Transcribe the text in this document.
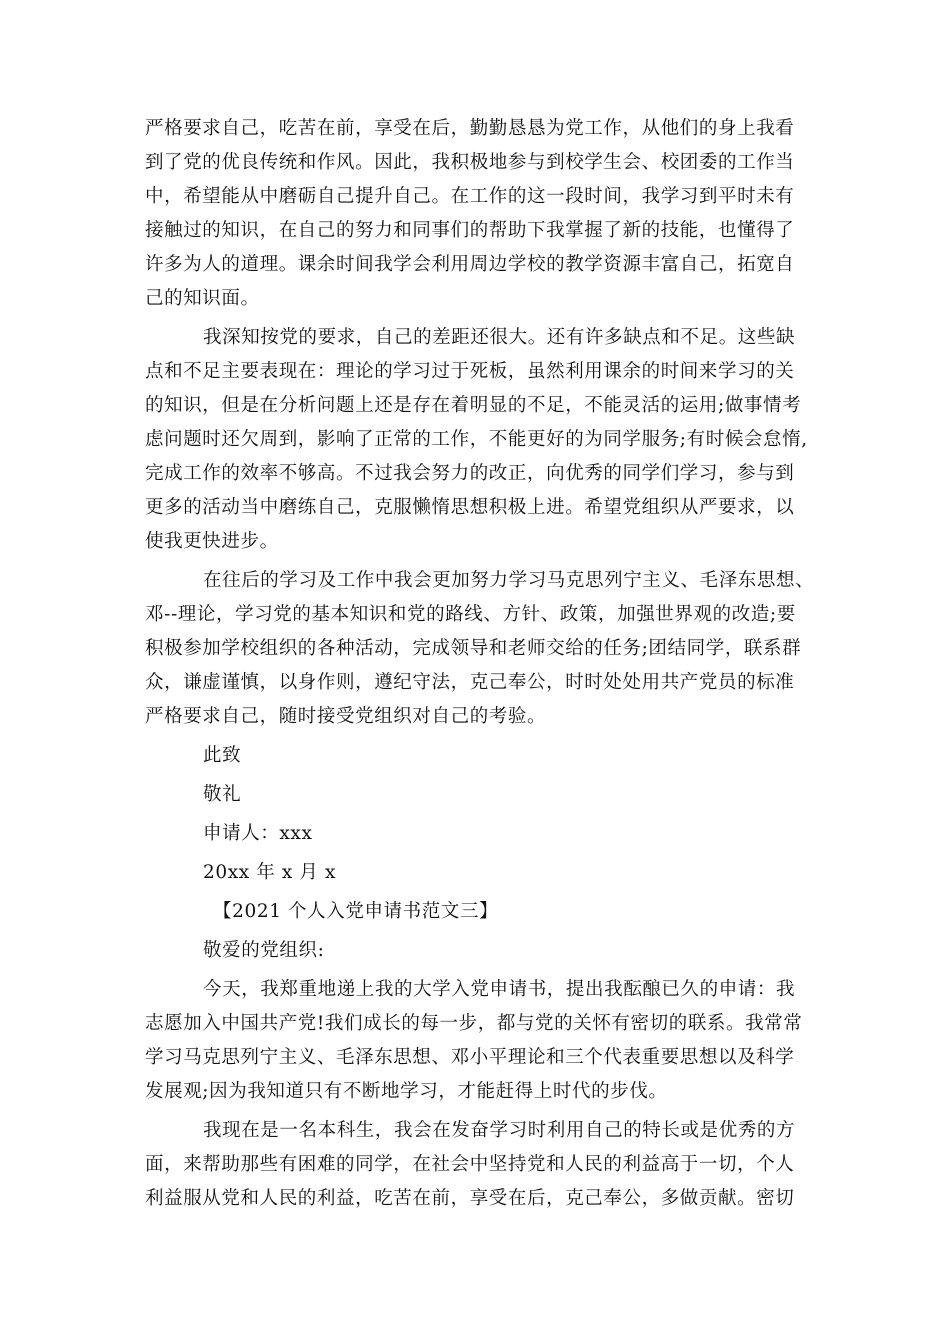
严格要求自己，吃苦在前，享受在后，勤勤恳恳为党工作，从他们的身上我看
到了党的优良传统和作风。因此，我积极地参与到校学生会、校团委的工作当
中，希望能从中磨砺自己提升自己。在工作的这一段时间，我学习到平时未有
接触过的知识，在自己的努力和同事们的帮助下我掌握了新的技能，也懂得了
许多为人的道理。课余时间我学会利用周边学校的教学资源丰富自己，拓宽自
己的知识面。
我深知按党的要求，自己的差距还很大。还有许多缺点和不足。这些缺
点和不足主要表现在：理论的学习过于死板，虽然利用课余的时间来学习的关
的知识，但是在分析问题上还是存在着明显的不足，不能灵活的运用;做事情考
虑问题时还欠周到，影响了正常的工作，不能更好的为同学服务;有时候会怠惰,
完成工作的效率不够高。不过我会努力的改正，向优秀的同学们学习，参与到
更多的活动当中磨练自己，克服懒惰思想积极上进。希望党组织从严要求，以
使我更快进步。
在往后的学习及工作中我会更加努力学习马克思列宁主义、毛泽东思想、
邓--理论，学习党的基本知识和党的路线、方针、政策，加强世界观的改造;要
积极参加学校组织的各种活动，完成领导和老师交给的任务;团结同学，联系群
众，谦虚谨慎，以身作则，遵纪守法，克己奉公，时时处处用共产党员的标准
严格要求自己，随时接受党组织对自己的考验。
此致
敬礼
申请人：xxx
20xx 年 x 月 x
【2021 个人入党申请书范文三】
敬爱的党组织:
今天，我郑重地递上我的大学入党申请书，提出我酝酿已久的申请：我
志愿加入中国共产党!我们成长的每一步，都与党的关怀有密切的联系。我常常
学习马克思列宁主义、毛泽东思想、邓小平理论和三个代表重要思想以及科学
发展观;因为我知道只有不断地学习，才能赶得上时代的步伐。
我现在是一名本科生，我会在发奋学习时利用自己的特长或是优秀的方
面，来帮助那些有困难的同学，在社会中坚持党和人民的利益高于一切，个人
利益服从党和人民的利益，吃苦在前，享受在后，克己奉公，多做贡献。密切
